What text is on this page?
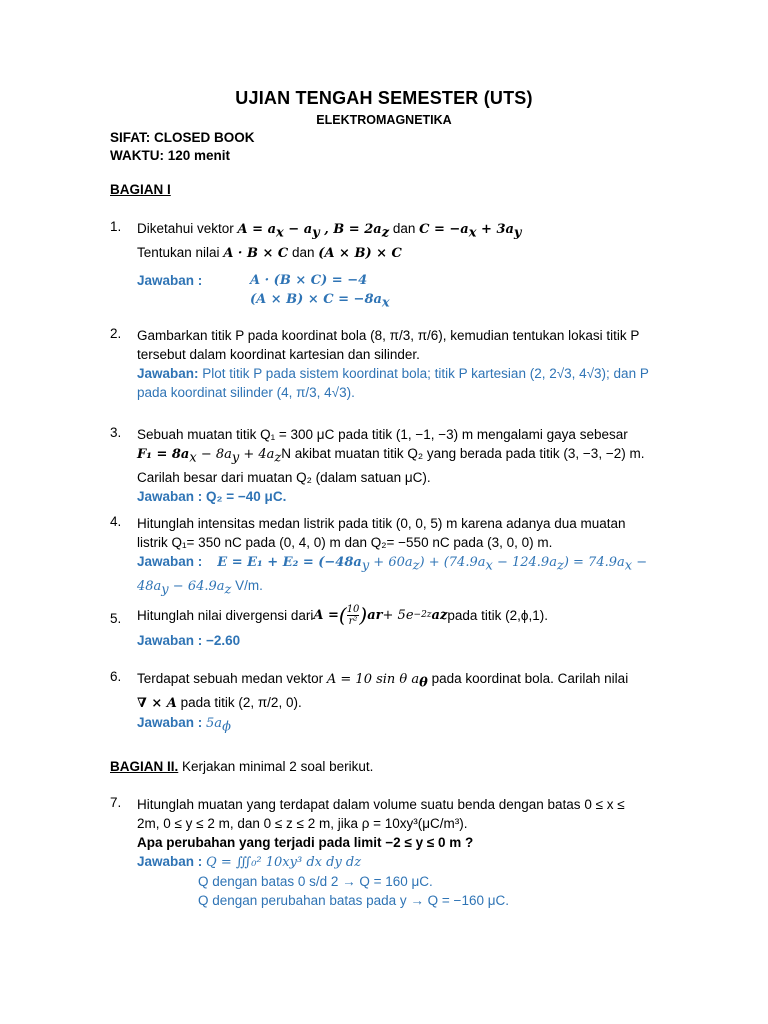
UJIAN TENGAH SEMESTER (UTS)
ELEKTROMAGNETIKA
SIFAT: CLOSED BOOK
WAKTU: 120 menit
BAGIAN I
1. Diketahui vektor $A = a_x - a_y$ , $B = 2a_z$ dan $C = -a_x + 3a_y$
Tentukan nilai A · B × C dan (A × B) × C
Jawaban :	A · (B × C) = −4
$(A \times B) \times C = -8a_x$
2. Gambarkan titik P pada koordinat bola (8, π/3, π/6), kemudian tentukan lokasi titik P
tersebut dalam koordinat kartesian dan silinder.
Jawaban: Plot titik P pada sistem koordinat bola; titik P kartesian (2, 2√3, 4√3); dan P
pada koordinat silinder (4, π/3, 4√3).
3. Sebuah muatan titik Q₁ = 300 μC pada titik (1, −1, −3) m mengalami gaya sebesar
$F_1 = 8a_x - 8a_y + 4a_zN$ akibat muatan titik Q₂ yang berada pada titik (3, −3, −2) m.
Carilah besar dari muatan Q₂ (dalam satuan μC).
Jawaban : Q₂ = −40 μC.
4. Hitunglah intensitas medan listrik pada titik (0, 0, 5) m karena adanya dua muatan
listrik Q₁= 350 nC pada (0, 4, 0) m dan Q₂= −550 nC pada (3, 0, 0) m.
Jawaban : $E = E_1 + E_2 = (-48a_y + 60a_z) + (74.9a_x - 124.9a_z) = 74.9a_x$ −
$48a_y - 64.9a_z$ V/m.
5. Hitunglah nilai divergensi dari A = ( 10
r² ) a r + 5e −2z a z pada titik (2,ϕ,1).
Jawaban : −2.60
6. Terdapat sebuah medan vektor A = 10 sin θ $a_\theta$ pada koordinat bola. Carilah nilai
∇ × A pada titik (2, π/2, 0).
Jawaban : $5a_\phi$
BAGIAN II. Kerjakan minimal 2 soal berikut.
7. Hitunglah muatan yang terdapat dalam volume suatu benda dengan batas 0 ≤ x ≤
2m, 0 ≤ y ≤ 2 m, dan 0 ≤ z ≤ 2 m, jika ρ = 10xy³(μC/m³).
Apa perubahan yang terjadi pada limit −2 ≤ y ≤ 0 m ?
Jawaban : Q = ∭₀² 10xy³ dx dy dz
Q dengan batas 0 s/d 2 → Q = 160 μC.
Q dengan perubahan batas pada y → Q = −160 μC.
